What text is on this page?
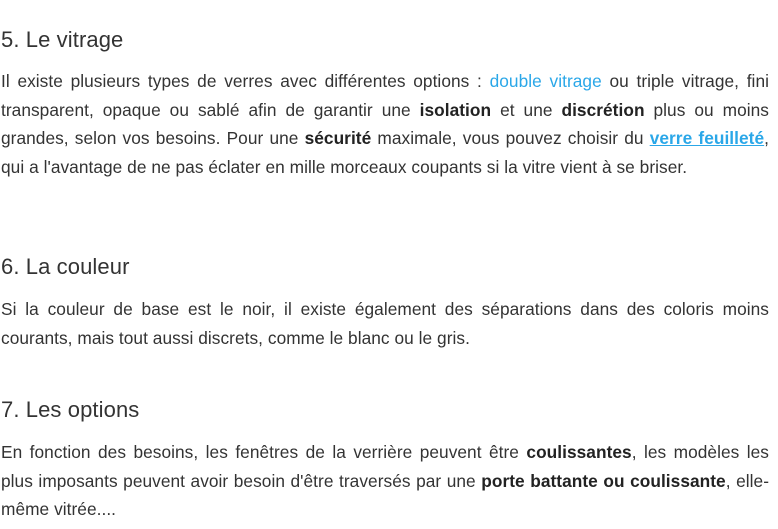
5. Le vitrage

Il existe plusieurs types de verres avec différentes options : double vitrage ou triple vitrage, fini transparent, opaque ou sablé afin de garantir une isolation et une discrétion plus ou moins grandes, selon vos besoins. Pour une sécurité maximale, vous pouvez choisir du verre feuilleté, qui a l'avantage de ne pas éclater en mille morceaux coupants si la vitre vient à se briser.

6. La couleur

Si la couleur de base est le noir, il existe également des séparations dans des coloris moins courants, mais tout aussi discrets, comme le blanc ou le gris.

7. Les options

En fonction des besoins, les fenêtres de la verrière peuvent être coulissantes, les modèles les plus imposants peuvent avoir besoin d'être traversés par une porte battante ou coulissante, elle-même vitrée....
